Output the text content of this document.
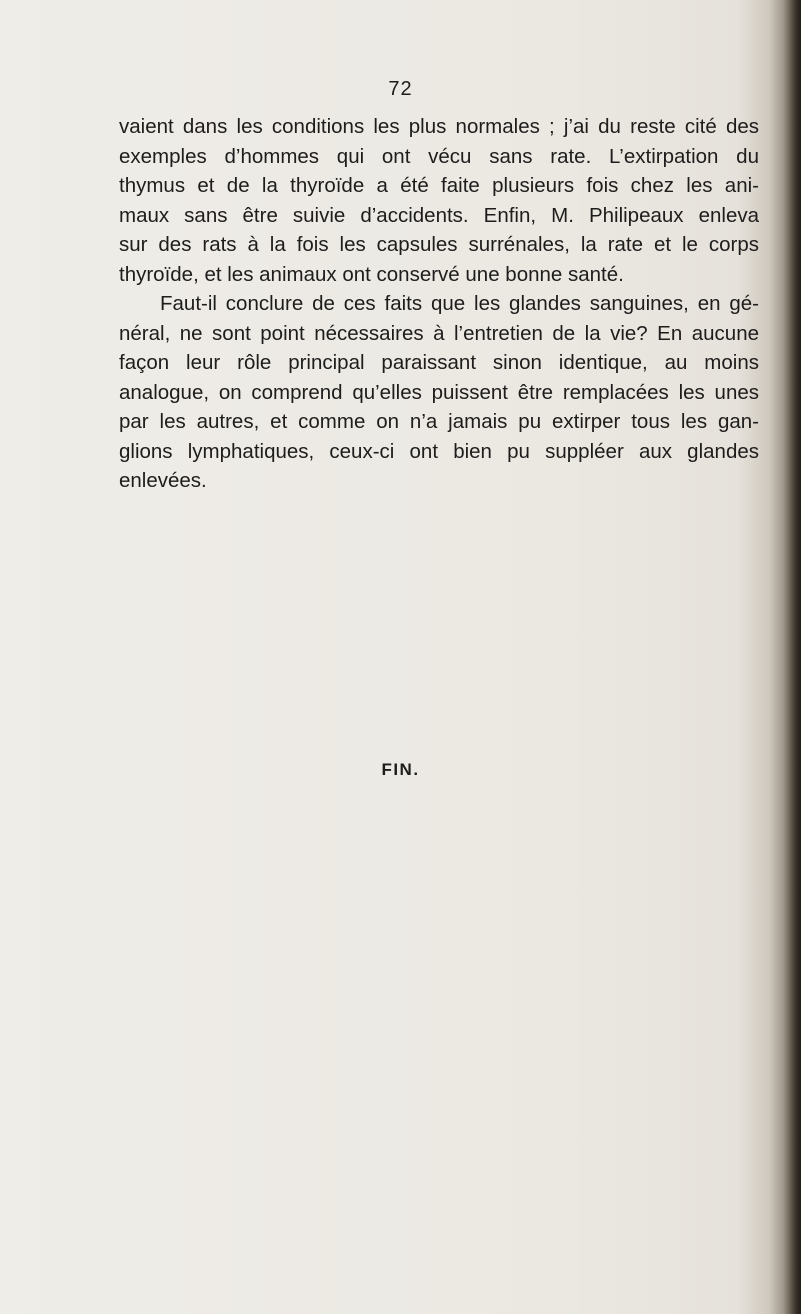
72

vaient dans les conditions les plus normales ; j’ai du reste cité des
exemples d’hommes qui ont vécu sans rate. L’extirpation du
thymus et de la thyroïde a été faite plusieurs fois chez les ani-
maux sans être suivie d’accidents. Enfin, M. Philipeaux enleva
sur des rats à la fois les capsules surrénales, la rate et le corps
thyroïde, et les animaux ont conservé une bonne santé.

Faut-il conclure de ces faits que les glandes sanguines, en gé-
néral, ne sont point nécessaires à l’entretien de la vie? En aucune
façon leur rôle principal paraissant sinon identique, au moins
analogue, on comprend qu’elles puissent être remplacées les unes
par les autres, et comme on n’a jamais pu extirper tous les gan-
glions lymphatiques, ceux-ci ont bien pu suppléer aux glandes
enlevées.

FIN.
